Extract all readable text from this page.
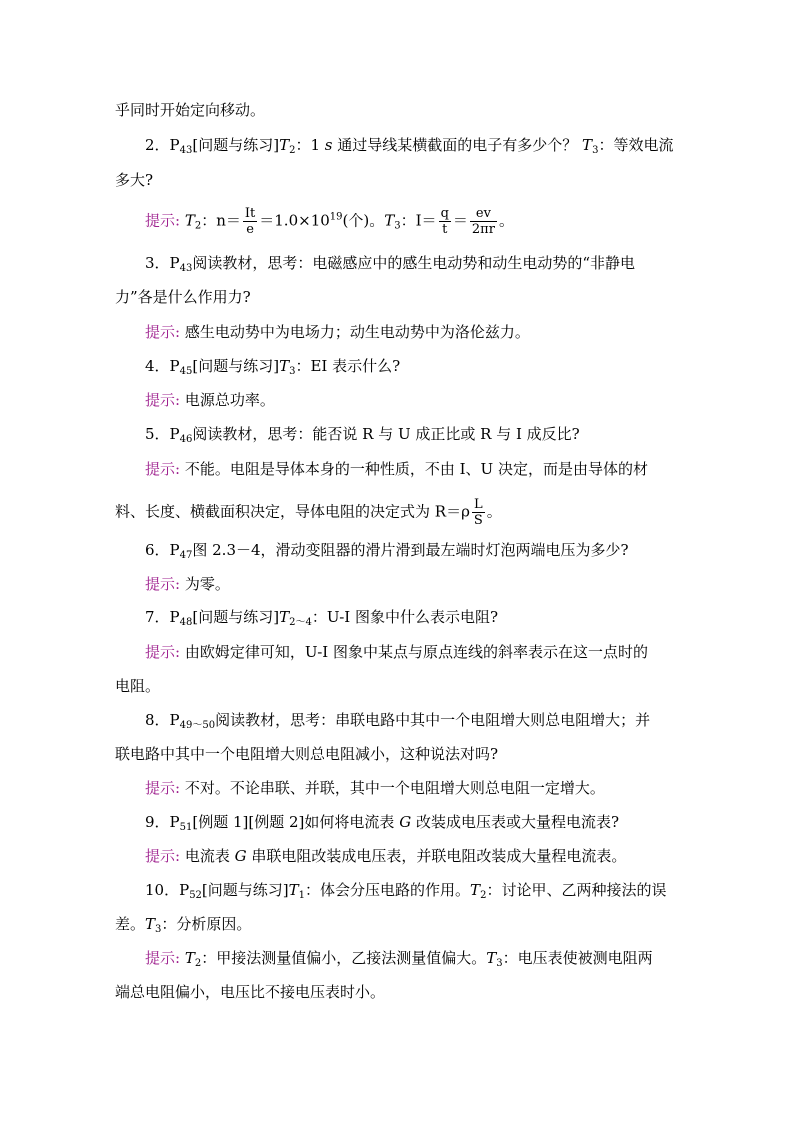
乎同时开始定向移动。
2．$P_{43}$[问题与练习]$T_2$：1 s 通过导线某横截面的电子有多少个？ $T_3$：等效电流
多大?
提示: $T_2$：$n= \frac{It}{e} =1.0\times 10^{19}$(个)。$T_3$：$I= \frac{q}{t} = \frac{ev}{2\pi r}$ 。
3．$P_{43}$阅读教材，思考：电磁感应中的感生电动势和动生电动势的“非静电
力”各是什么作用力?
提示: 感生电动势中为电场力；动生电动势中为洛伦兹力。
4．$P_{45}$[问题与练习]$T_3$：EI 表示什么?
提示: 电源总功率。
5．$P_{46}$阅读教材，思考：能否说 R 与 U 成正比或 R 与 I 成反比?
提示: 不能。电阻是导体本身的一种性质，不由 I、U 决定，而是由导体的材
料、长度、横截面积决定，导体电阻的决定式为 $R=\rho \frac{L}{S}$ 。
6．$P_{47}$图 2.3－4，滑动变阻器的滑片滑到最左端时灯泡两端电压为多少?
提示: 为零。
7．$P_{48}$[问题与练习]$T_{2\sim 4}$：U-I 图象中什么表示电阻?
提示: 由欧姆定律可知，U-I 图象中某点与原点连线的斜率表示在这一点时的
电阻。
8．$P_{49\sim 50}$阅读教材，思考：串联电路中其中一个电阻增大则总电阻增大；并
联电路中其中一个电阻增大则总电阻减小，这种说法对吗?
提示: 不对。不论串联、并联，其中一个电阻增大则总电阻一定增大。
9．$P_{51}$[例题 1][例题 2]如何将电流表 G 改装成电压表或大量程电流表?
提示: 电流表 G 串联电阻改装成电压表，并联电阻改装成大量程电流表。
10．$P_{52}$[问题与练习]$T_1$：体会分压电路的作用。$T_2$：讨论甲、乙两种接法的误
差。$T_3$：分析原因。
提示: $T_2$：甲接法测量值偏小，乙接法测量值偏大。$T_3$：电压表使被测电阻两
端总电阻偏小，电压比不接电压表时小。
